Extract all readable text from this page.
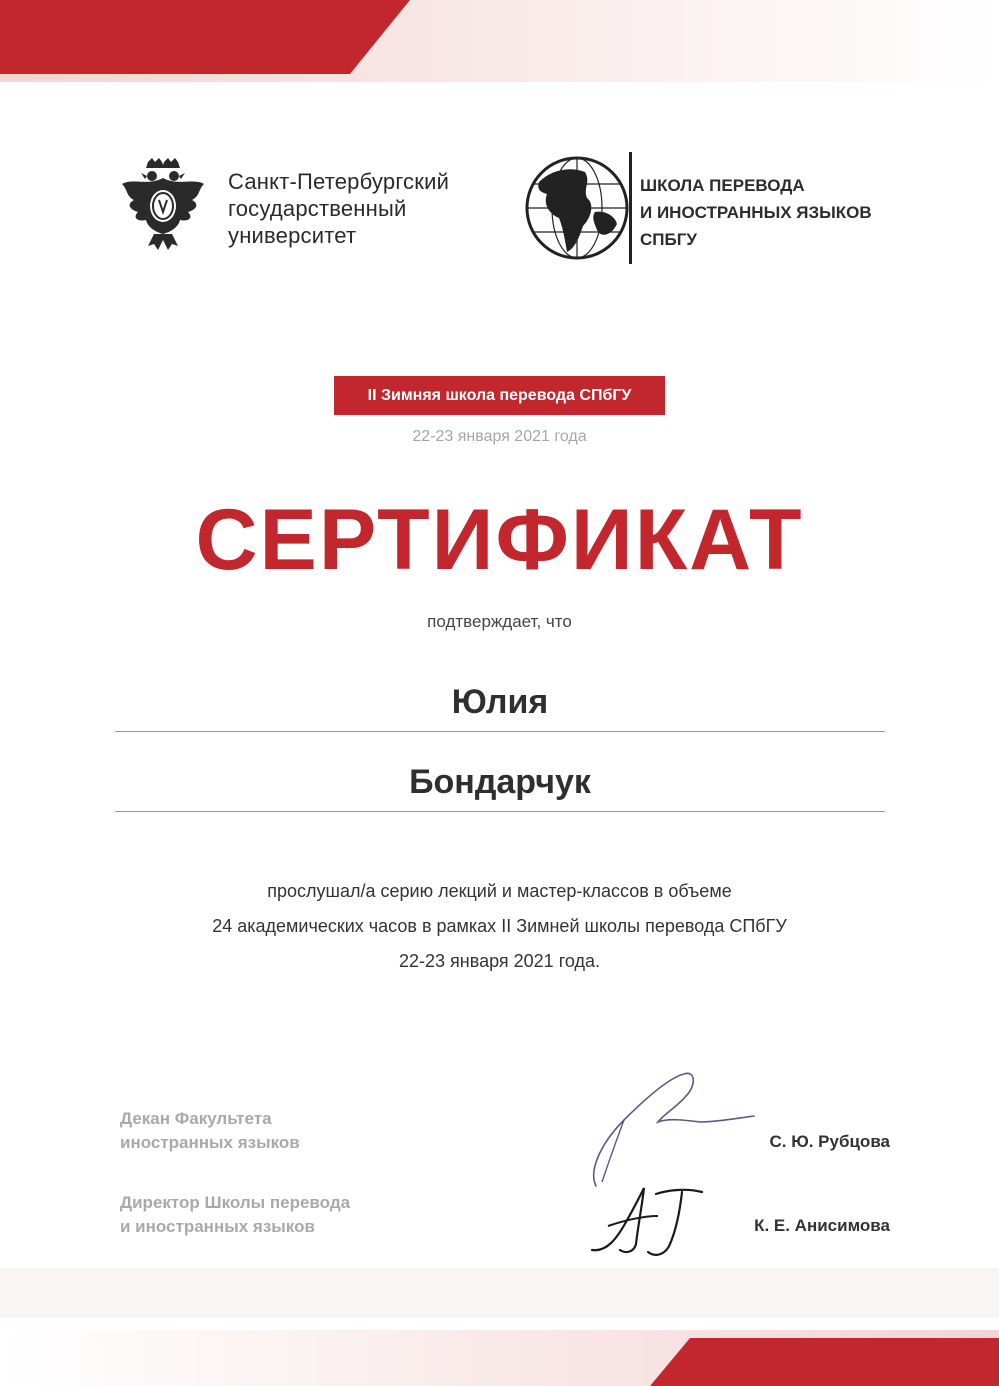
Санкт-Петербургский
государственный
университет
ШКОЛА ПЕРЕВОДА
И ИНОСТРАННЫХ ЯЗЫКОВ
СПБГУ
II Зимняя школа перевода СПбГУ
22-23 января 2021 года
СЕРТИФИКАТ
подтверждает, что
Юлия
Бондарчук
прослушал/а серию лекций и мастер-классов в объеме
24 академических часов в рамках II Зимней школы перевода СПбГУ
22-23 января 2021 года.
Декан Факультета
иностранных языков
Директор Школы перевода
и иностранных языков
С. Ю. Рубцова
К. Е. Анисимова
